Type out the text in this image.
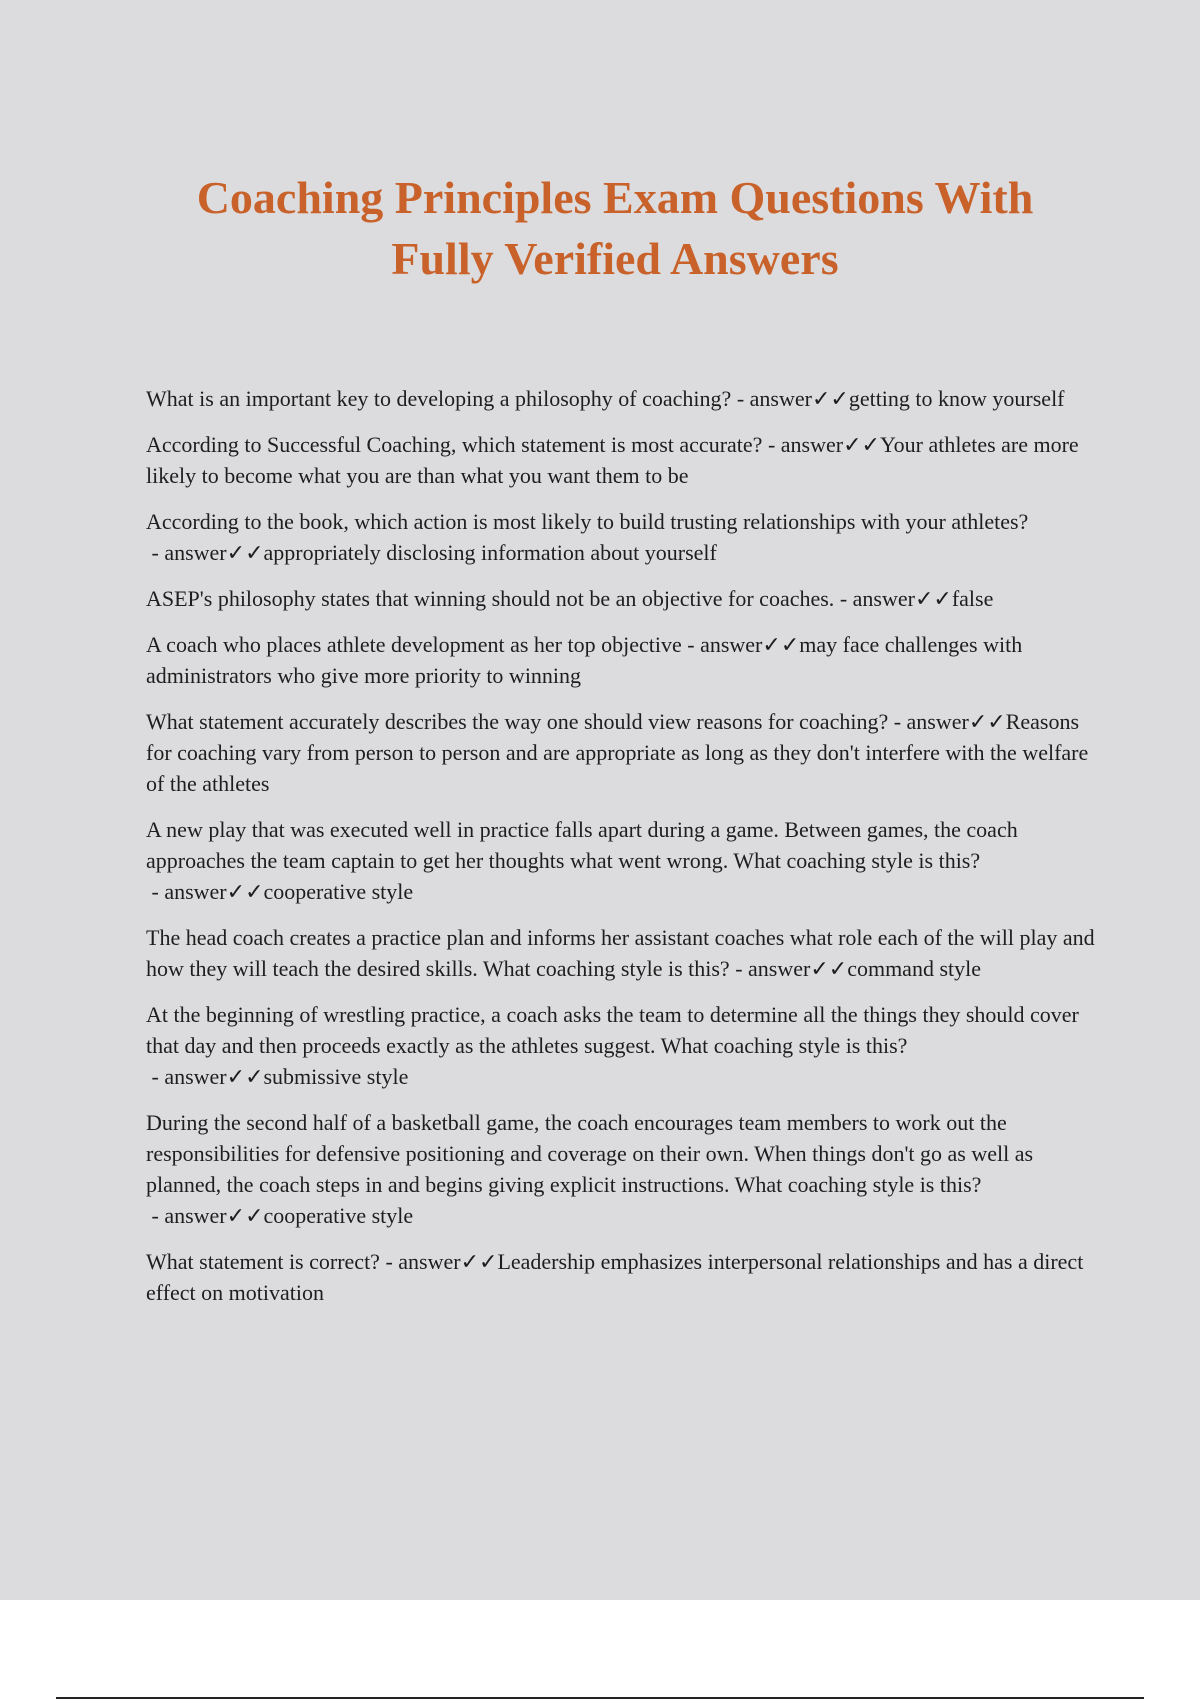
Coaching Principles Exam Questions With
Fully Verified Answers
What is an important key to developing a philosophy of coaching? - answer✓✓getting to know yourself
According to Successful Coaching, which statement is most accurate? - answer✓✓Your athletes are more likely to become what you are than what you want them to be
According to the book, which action is most likely to build trusting relationships with your athletes? - answer✓✓appropriately disclosing information about yourself
ASEP's philosophy states that winning should not be an objective for coaches. - answer✓✓false
A coach who places athlete development as her top objective - answer✓✓may face challenges with administrators who give more priority to winning
What statement accurately describes the way one should view reasons for coaching? - answer✓✓Reasons for coaching vary from person to person and are appropriate as long as they don't interfere with the welfare of the athletes
A new play that was executed well in practice falls apart during a game. Between games, the coach approaches the team captain to get her thoughts what went wrong. What coaching style is this? - answer✓✓cooperative style
The head coach creates a practice plan and informs her assistant coaches what role each of the will play and how they will teach the desired skills. What coaching style is this? - answer✓✓command style
At the beginning of wrestling practice, a coach asks the team to determine all the things they should cover that day and then proceeds exactly as the athletes suggest. What coaching style is this? - answer✓✓submissive style
During the second half of a basketball game, the coach encourages team members to work out the responsibilities for defensive positioning and coverage on their own. When things don't go as well as planned, the coach steps in and begins giving explicit instructions. What coaching style is this? - answer✓✓cooperative style
What statement is correct? - answer✓✓Leadership emphasizes interpersonal relationships and has a direct effect on motivation
